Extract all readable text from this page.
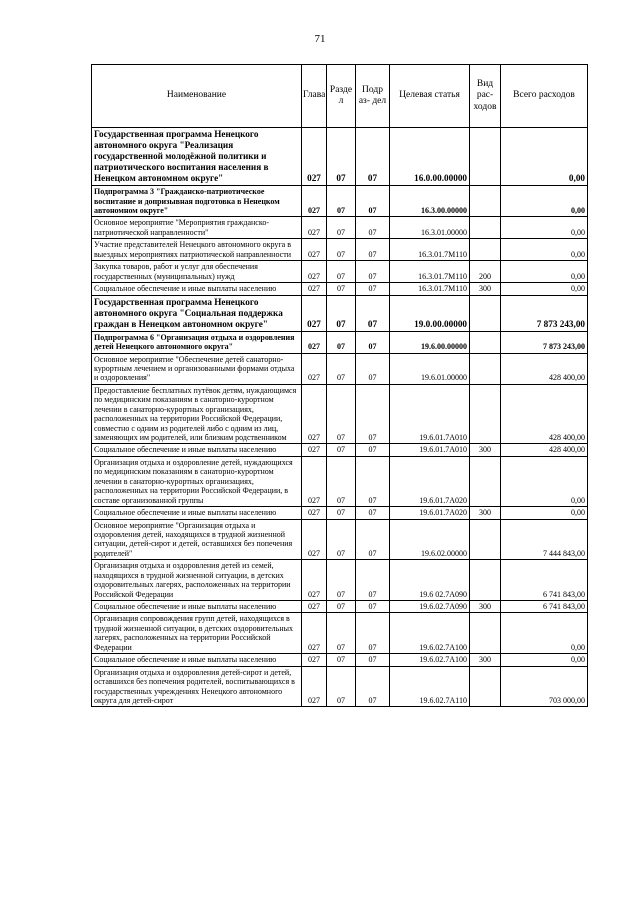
71
Наименование	Глава	Разде л	Подр аз- дел	Целевая статья	Вид рас- ходов	Всего расходов
Государственная программа Ненецкого автономного округа "Реализация государственной молодёжной политики и патриотического воспитания населения в Ненецком автономном округе"	027	07	07	16.0.00.00000		0,00
Подпрограмма 3 "Гражданско-патриотическое воспитание и допризывная подготовка в Ненецком автономном округе"	027	07	07	16.3.00.00000		0,00
Основное мероприятие "Мероприятия гражданско-патриотической направленности"	027	07	07	16.3.01.00000		0,00
Участие представителей Ненецкого автономного округа в выездных мероприятиях патриотической направленности	027	07	07	16.3.01.7М110		0,00
Закупка товаров, работ и услуг для обеспечения государственных (муниципальных) нужд	027	07	07	16.3.01.7М110	200	0,00
Социальное обеспечение и иные выплаты населению	027	07	07	16.3.01.7М110	300	0,00
Государственная программа Ненецкого автономного округа "Социальная поддержка граждан в Ненецком автономном округе"	027	07	07	19.0.00.00000		7 873 243,00
Подпрограмма 6 "Организация отдыха и оздоровления детей Ненецкого автономного округа"	027	07	07	19.6.00.00000		7 873 243,00
Основное мероприятие "Обеспечение детей санаторно-курортным лечением и организованными формами отдыха и оздоровления"	027	07	07	19.6.01.00000		428 400,00
Предоставление бесплатных путёвок детям, нуждающимся по медицинским показаниям в санаторно-курортном лечении в санаторно-курортных организациях, расположенных на территории Российской Федерации, совместно с одним из родителей либо с одним из лиц, заменяющих им родителей, или близким родственником	027	07	07	19.6.01.7А010		428 400,00
Социальное обеспечение и иные выплаты населению	027	07	07	19.6.01.7А010	300	428 400,00
Организация отдыха и оздоровление детей, нуждающихся по медицинским показаниям в санаторно-курортном лечении в санаторно-курортных организациях, расположенных на территории Российской Федерации, в составе организованной группы	027	07	07	19.6.01.7А020		0,00
Социальное обеспечение и иные выплаты населению	027	07	07	19.6.01.7А020	300	0,00
Основное мероприятие "Организация отдыха и оздоровления детей, находящихся в трудной жизненной ситуации, детей-сирот и детей, оставшихся без попечения родителей"	027	07	07	19.6.02.00000		7 444 843,00
Организация отдыха и оздоровления детей из семей, находящихся в трудной жизненной ситуации, в детских оздоровительных лагерях, расположенных на территории Российской Федерации	027	07	07	19.6 02.7А090		6 741 843,00
Социальное обеспечение и иные выплаты населению	027	07	07	19.6.02.7А090	300	6 741 843,00
Организация сопровождения групп детей, находящихся в трудной жизненной ситуации, в детских оздоровительных лагерях, расположенных на территории Российской Федерации	027	07	07	19.6.02.7А100		0,00
Социальное обеспечение и иные выплаты населению	027	07	07	19.6.02.7А100	300	0,00
Организация отдыха и оздоровления детей-сирот и детей, оставшихся без попечения родителей, воспитывающихся в государственных учреждениях Ненецкого автономного округа для детей-сирот	027	07	07	19.6.02.7А110		703 000,00
